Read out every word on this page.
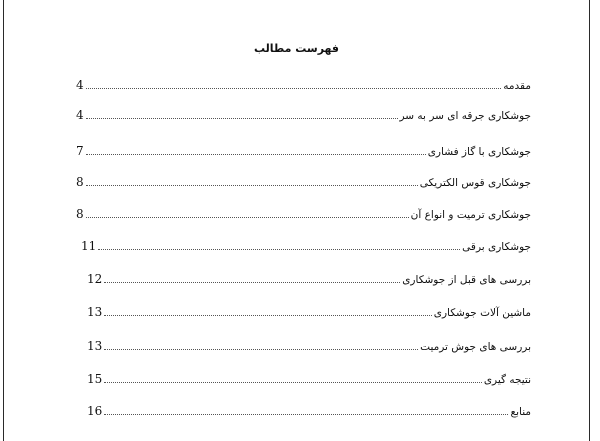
فهرست مطالب
مقدمه
4
جوشکاری جرقه ای سر به سر
4
جوشکاری با گاز فشاری
7
جوشکاری قوس الکتریکی
8
جوشکاری ترمیت و انواع آن
8
جوشکاری برقی
11
بررسی های قبل از جوشکاری
12
ماشین آلات جوشکاری
13
بررسی های جوش ترمیت
13
نتیجه گیری
15
منابع
16
